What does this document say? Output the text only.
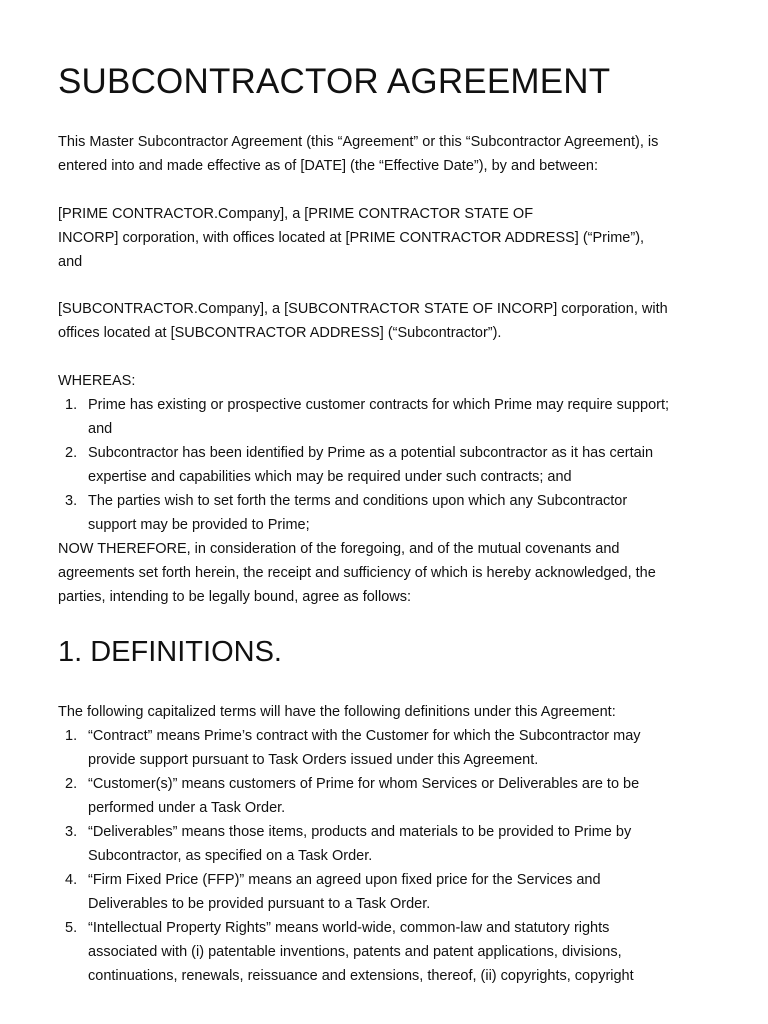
SUBCONTRACTOR AGREEMENT
This Master Subcontractor Agreement (this “Agreement” or this “Subcontractor Agreement), is
entered into and made effective as of [DATE] (the “Effective Date”), by and between:
[PRIME CONTRACTOR.Company], a [PRIME CONTRACTOR STATE OF
INCORP] corporation, with offices located at [PRIME CONTRACTOR ADDRESS] (“Prime”),
and
[SUBCONTRACTOR.Company], a [SUBCONTRACTOR STATE OF INCORP] corporation, with
offices located at [SUBCONTRACTOR ADDRESS] (“Subcontractor”).
WHEREAS:
1. Prime has existing or prospective customer contracts for which Prime may require support;
and
2. Subcontractor has been identified by Prime as a potential subcontractor as it has certain
expertise and capabilities which may be required under such contracts; and
3. The parties wish to set forth the terms and conditions upon which any Subcontractor
support may be provided to Prime;
NOW THEREFORE, in consideration of the foregoing, and of the mutual covenants and
agreements set forth herein, the receipt and sufficiency of which is hereby acknowledged, the
parties, intending to be legally bound, agree as follows:
1. DEFINITIONS.
The following capitalized terms will have the following definitions under this Agreement:
1. “Contract” means Prime’s contract with the Customer for which the Subcontractor may
provide support pursuant to Task Orders issued under this Agreement.
2. “Customer(s)” means customers of Prime for whom Services or Deliverables are to be
performed under a Task Order.
3. “Deliverables” means those items, products and materials to be provided to Prime by
Subcontractor, as specified on a Task Order.
4. “Firm Fixed Price (FFP)” means an agreed upon fixed price for the Services and
Deliverables to be provided pursuant to a Task Order.
5. “Intellectual Property Rights” means world-wide, common-law and statutory rights
associated with (i) patentable inventions, patents and patent applications, divisions,
continuations, renewals, reissuance and extensions, thereof, (ii) copyrights, copyright
